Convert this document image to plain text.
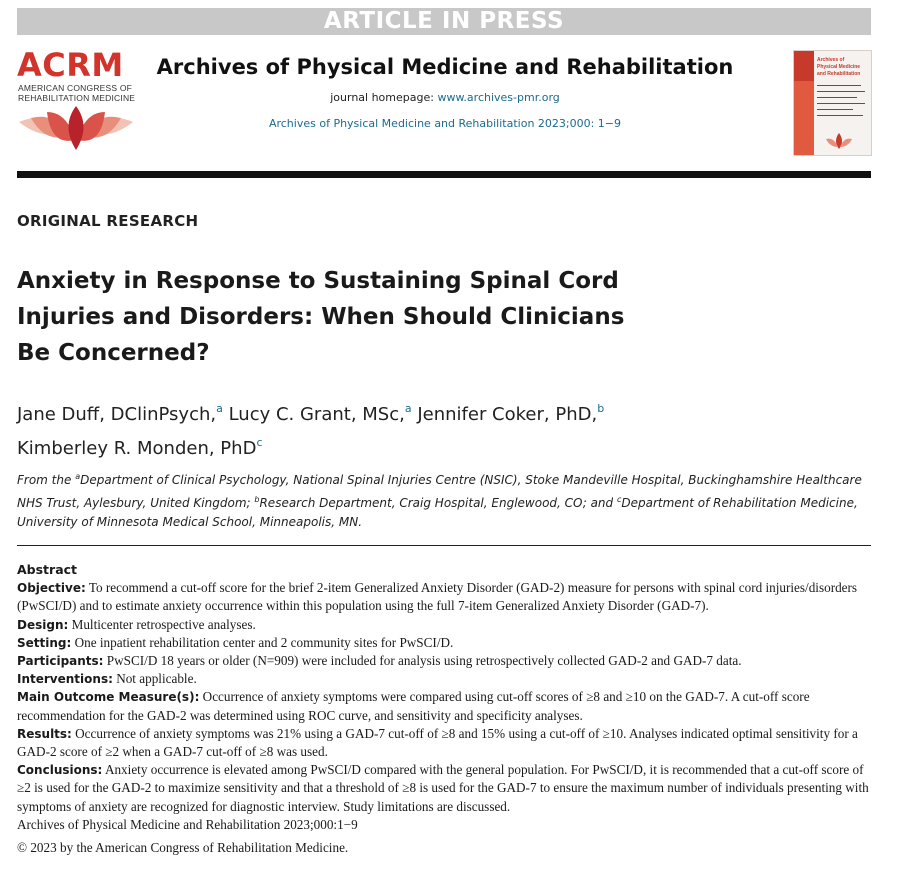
ARTICLE IN PRESS
ACRM
AMERICAN CONGRESS OF
REHABILITATION MEDICINE
Archives of Physical Medicine and Rehabilitation
journal homepage: www.archives-pmr.org
Archives of Physical Medicine and Rehabilitation 2023;000: 1−9
Archives of
Physical Medicine
and Rehabilitation
ORIGINAL RESEARCH
Anxiety in Response to Sustaining Spinal Cord
Injuries and Disorders: When Should Clinicians
Be Concerned?
Jane Duff, DClinPsych,$^a$ Lucy C. Grant, MSc,$^a$ Jennifer Coker, PhD,$^b$
Kimberley R. Monden, PhD$^c$
From the $^a$Department of Clinical Psychology, National Spinal Injuries Centre (NSIC), Stoke Mandeville Hospital, Buckinghamshire Healthcare NHS Trust, Aylesbury, United Kingdom; $^b$Research Department, Craig Hospital, Englewood, CO; and $^c$Department of Rehabilitation Medicine, University of Minnesota Medical School, Minneapolis, MN.
Abstract

Objective: To recommend a cut-off score for the brief 2-item Generalized Anxiety Disorder (GAD-2) measure for persons with spinal cord injuries/disorders (PwSCI/D) and to estimate anxiety occurrence within this population using the full 7-item Generalized Anxiety Disorder (GAD-7).

Design: Multicenter retrospective analyses.

Setting: One inpatient rehabilitation center and 2 community sites for PwSCI/D.

Participants: PwSCI/D 18 years or older (N=909) were included for analysis using retrospectively collected GAD-2 and GAD-7 data.

Interventions: Not applicable.

Main Outcome Measure(s): Occurrence of anxiety symptoms were compared using cut-off scores of ≥8 and ≥10 on the GAD-7. A cut-off score recommendation for the GAD-2 was determined using ROC curve, and sensitivity and specificity analyses.

Results: Occurrence of anxiety symptoms was 21% using a GAD-7 cut-off of ≥8 and 15% using a cut-off of ≥10. Analyses indicated optimal sensitivity for a GAD-2 score of ≥2 when a GAD-7 cut-off of ≥8 was used.

Conclusions: Anxiety occurrence is elevated among PwSCI/D compared with the general population. For PwSCI/D, it is recommended that a cut-off score of ≥2 is used for the GAD-2 to maximize sensitivity and that a threshold of ≥8 is used for the GAD-7 to ensure the maximum number of individuals presenting with symptoms of anxiety are recognized for diagnostic interview. Study limitations are discussed.

Archives of Physical Medicine and Rehabilitation 2023;000:1−9
© 2023 by the American Congress of Rehabilitation Medicine.
